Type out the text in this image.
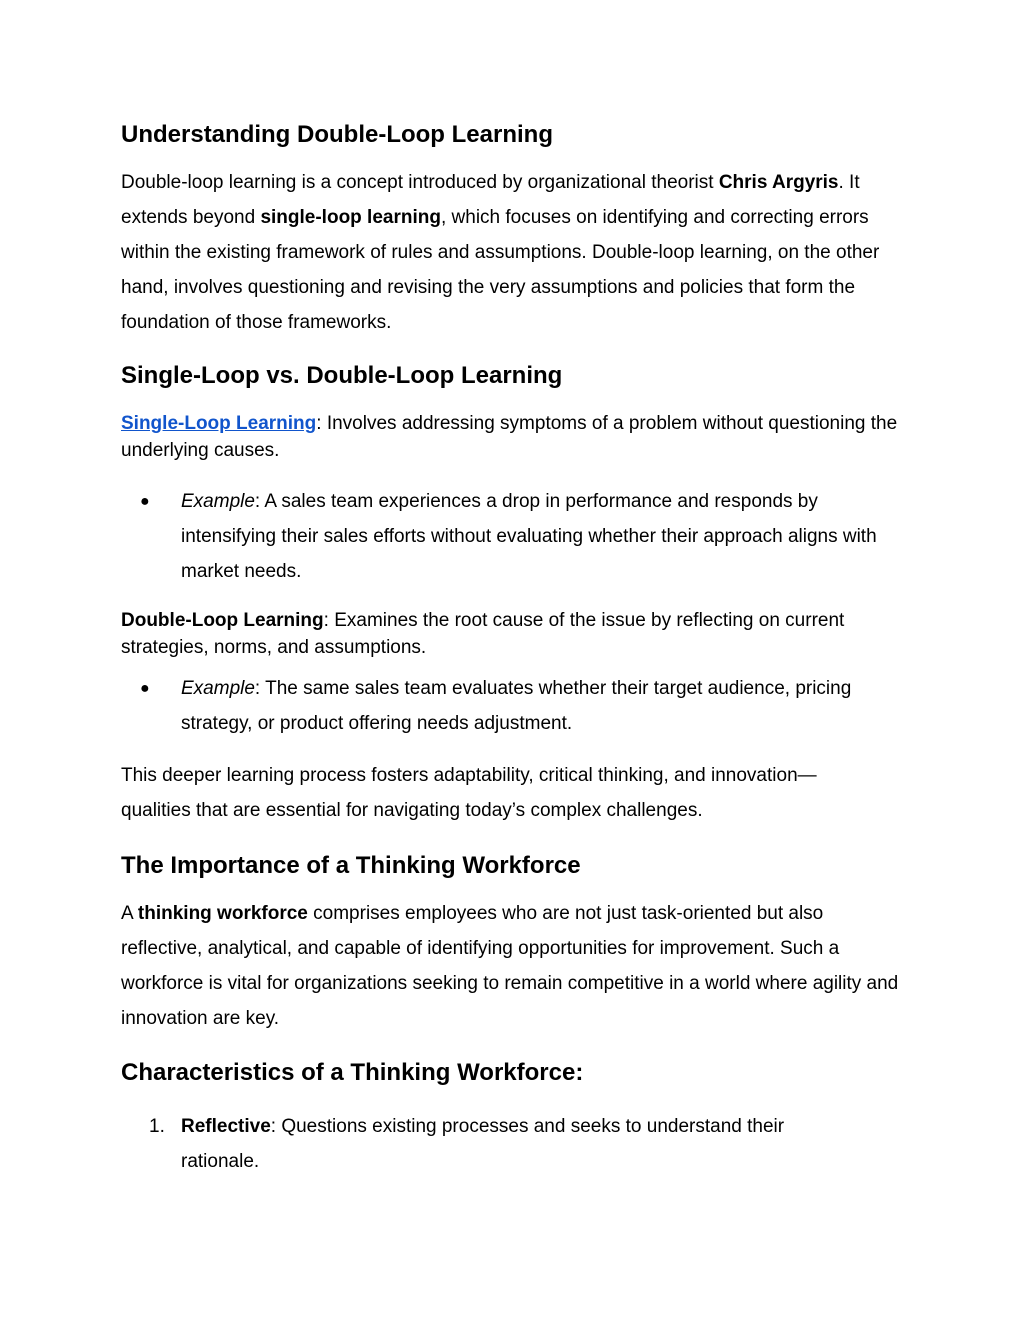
Understanding Double-Loop Learning

Double-loop learning is a concept introduced by organizational theorist Chris Argyris. It extends beyond single-loop learning, which focuses on identifying and correcting errors within the existing framework of rules and assumptions. Double-loop learning, on the other hand, involves questioning and revising the very assumptions and policies that form the foundation of those frameworks.

Single-Loop vs. Double-Loop Learning

Single-Loop Learning: Involves addressing symptoms of a problem without questioning the underlying causes.

● Example: A sales team experiences a drop in performance and responds by intensifying their sales efforts without evaluating whether their approach aligns with market needs.

Double-Loop Learning: Examines the root cause of the issue by reflecting on current strategies, norms, and assumptions.

● Example: The same sales team evaluates whether their target audience, pricing strategy, or product offering needs adjustment.

This deeper learning process fosters adaptability, critical thinking, and innovation—qualities that are essential for navigating today’s complex challenges.

The Importance of a Thinking Workforce

A thinking workforce comprises employees who are not just task-oriented but also reflective, analytical, and capable of identifying opportunities for improvement. Such a workforce is vital for organizations seeking to remain competitive in a world where agility and innovation are key.

Characteristics of a Thinking Workforce:
1. Reflective: Questions existing processes and seeks to understand their rationale.
